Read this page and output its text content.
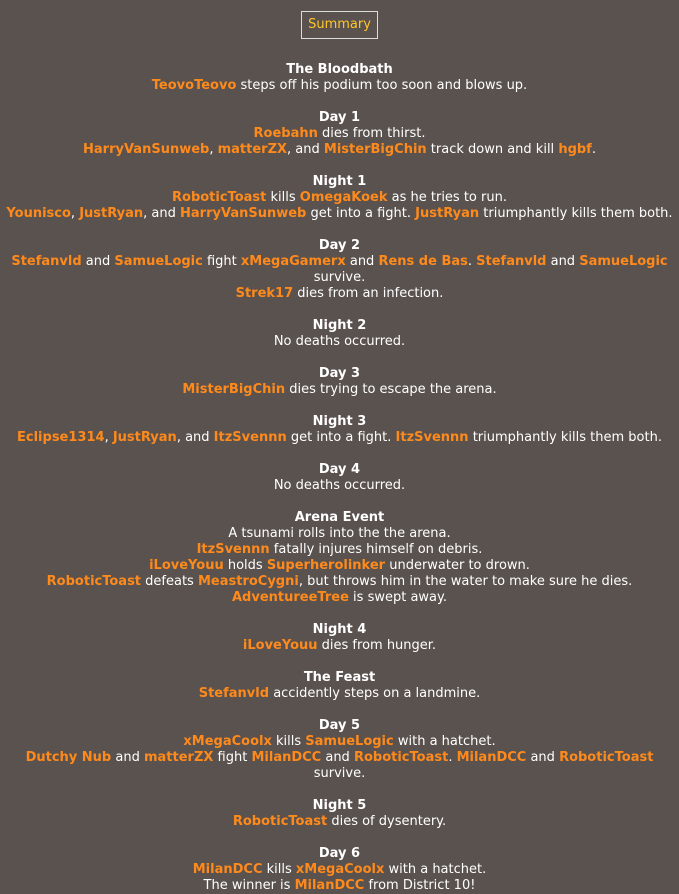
Summary
The Bloodbath
TeovoTeovo steps off his podium too soon and blows up.
Day 1
Roebahn dies from thirst.
HarryVanSunweb, matterZX, and MisterBigChin track down and kill hgbf.
Night 1
RoboticToast kills OmegaKoek as he tries to run.
Younisco, JustRyan, and HarryVanSunweb get into a fight. JustRyan triumphantly kills them both.
Day 2
Stefanvld and SamueLogic fight xMegaGamerx and Rens de Bas. Stefanvld and SamueLogic survive.
Strek17 dies from an infection.
Night 2
No deaths occurred.
Day 3
MisterBigChin dies trying to escape the arena.
Night 3
Eclipse1314, JustRyan, and ItzSvennn get into a fight. ItzSvennn triumphantly kills them both.
Day 4
No deaths occurred.
Arena Event
A tsunami rolls into the the arena.
ItzSvennn fatally injures himself on debris.
iLoveYouu holds Superherolinker underwater to drown.
RoboticToast defeats MeastroCygni, but throws him in the water to make sure he dies.
AdventureeTree is swept away.
Night 4
iLoveYouu dies from hunger.
The Feast
Stefanvld accidently steps on a landmine.
Day 5
xMegaCoolx kills SamueLogic with a hatchet.
Dutchy Nub and matterZX fight MilanDCC and RoboticToast. MilanDCC and RoboticToast survive.
Night 5
RoboticToast dies of dysentery.
Day 6
MilanDCC kills xMegaCoolx with a hatchet.
The winner is MilanDCC from District 10!
